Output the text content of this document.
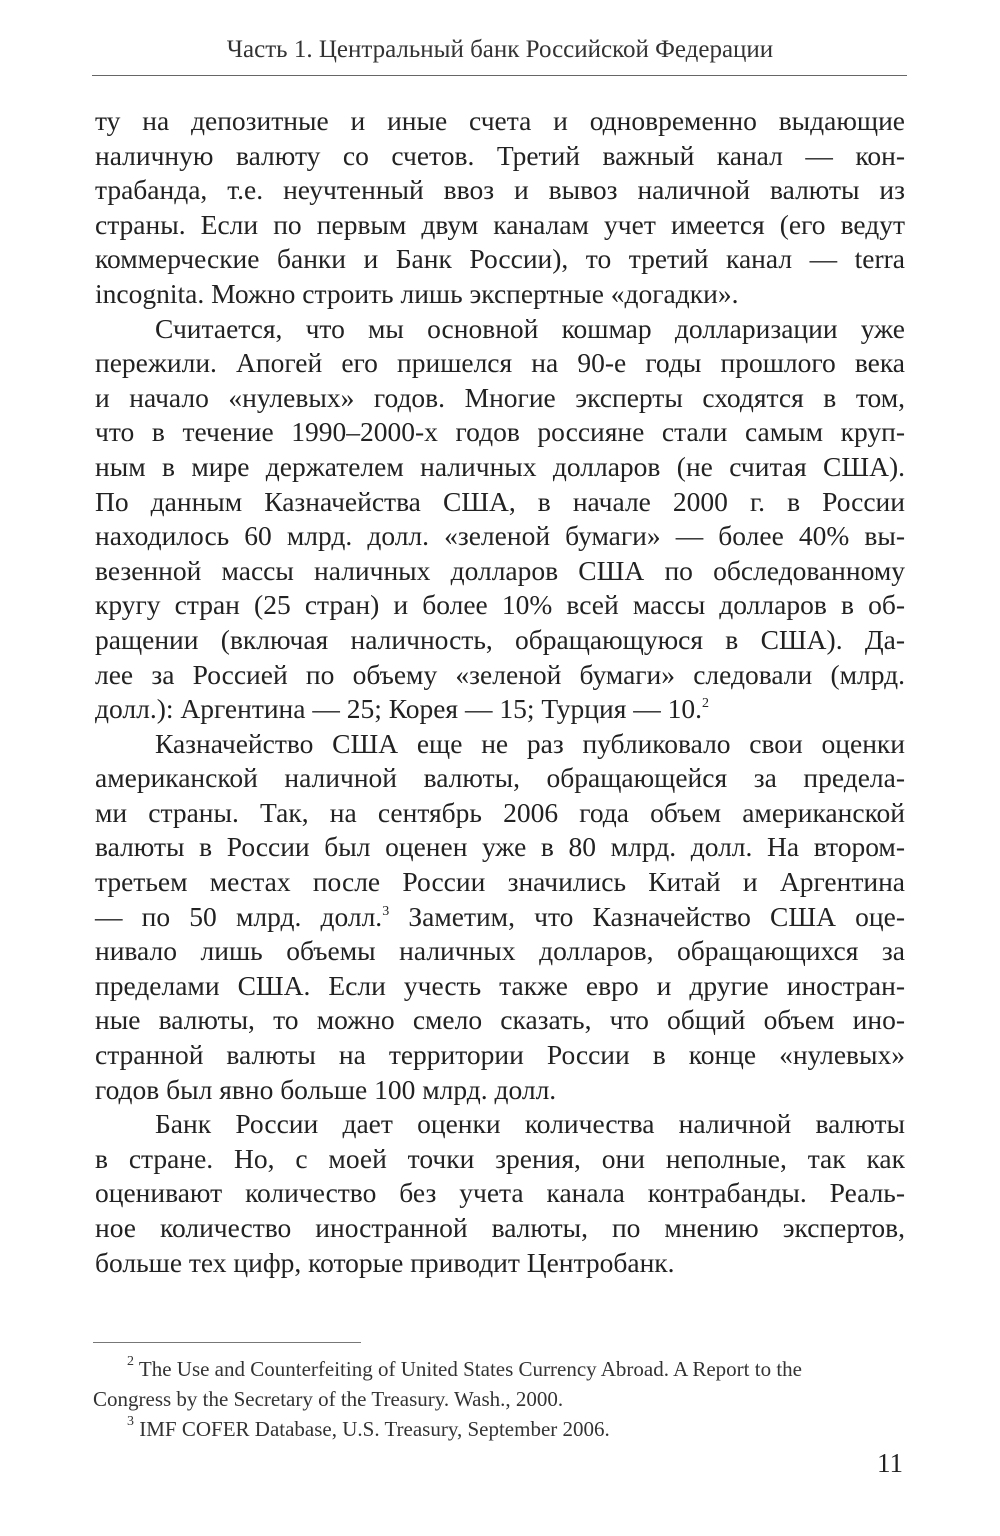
Часть 1. Центральный банк Российской Федерации
ту на депозитные и иные счета и одновременно выдающие
наличную валюту со счетов. Третий важный канал — кон-
трабанда, т.е. неучтенный ввоз и вывоз наличной валюты из
страны. Если по первым двум каналам учет имеется (его ведут
коммерческие банки и Банк России), то третий канал — terra
incognita. Можно строить лишь экспертные «догадки».
Считается, что мы основной кошмар долларизации уже
пережили. Апогей его пришелся на 90-е годы прошлого века
и начало «нулевых» годов. Многие эксперты сходятся в том,
что в течение 1990–2000-х годов россияне стали самым круп-
ным в мире держателем наличных долларов (не считая США).
По данным Казначейства США, в начале 2000 г. в России
находилось 60 млрд. долл. «зеленой бумаги» — более 40% вы-
везенной массы наличных долларов США по обследованному
кругу стран (25 стран) и более 10% всей массы долларов в об-
ращении (включая наличность, обращающуюся в США). Да-
лее за Россией по объему «зеленой бумаги» следовали (млрд.
долл.): Аргентина — 25; Корея — 15; Турция — 10.$^2$
Казначейство США еще не раз публиковало свои оценки
американской наличной валюты, обращающейся за предела-
ми страны. Так, на сентябрь 2006 года объем американской
валюты в России был оценен уже в 80 млрд. долл. На втором-
третьем местах после России значились Китай и Аргентина
— по 50 млрд. долл.$^3$ Заметим, что Казначейство США оце-
нивало лишь объемы наличных долларов, обращающихся за
пределами США. Если учесть также евро и другие иностран-
ные валюты, то можно смело сказать, что общий объем ино-
странной валюты на территории России в конце «нулевых»
годов был явно больше 100 млрд. долл.
Банк России дает оценки количества наличной валюты
в стране. Но, с моей точки зрения, они неполные, так как
оценивают количество без учета канала контрабанды. Реаль-
ное количество иностранной валюты, по мнению экспертов,
больше тех цифр, которые приводит Центробанк.
$^2$ The Use and Counterfeiting of United States Currency Abroad. A Report to the
Congress by the Secretary of the Treasury. Wash., 2000.
$^3$ IMF COFER Database, U.S. Treasury, September 2006.
11
